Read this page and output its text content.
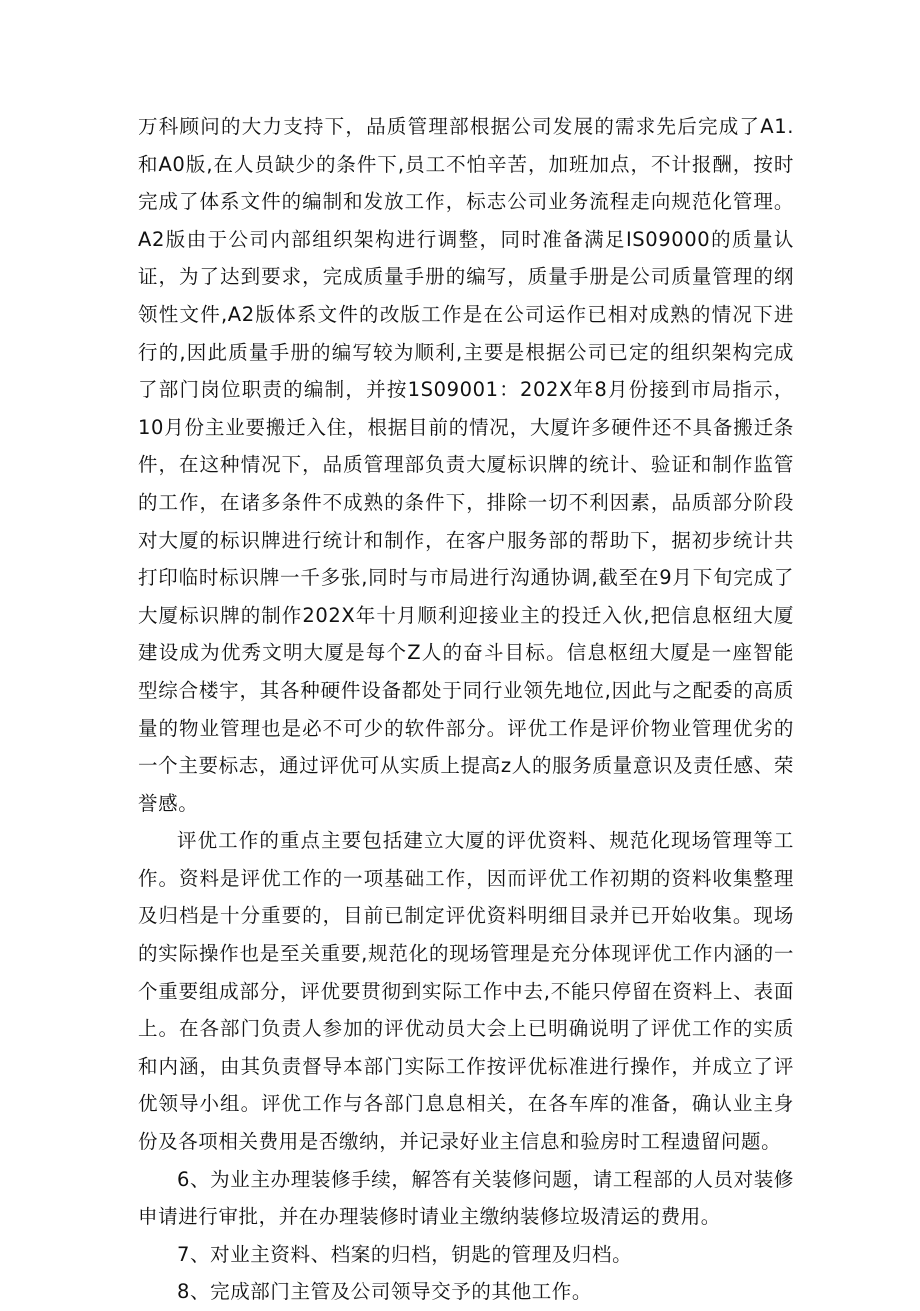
万科顾问的大力支持下，品质管理部根据公司发展的需求先后完成了A1.和A0版,在人员缺少的条件下,员工不怕辛苦，加班加点，不计报酬，按时完成了体系文件的编制和发放工作，标志公司业务流程走向规范化管理。A2版由于公司内部组织架构进行调整，同时准备满足IS09000的质量认证，为了达到要求，完成质量手册的编写，质量手册是公司质量管理的纲领性文件,A2版体系文件的改版工作是在公司运作已相对成熟的情况下进行的,因此质量手册的编写较为顺利,主要是根据公司已定的组织架构完成了部门岗位职责的编制，并按1S09001：202X年8月份接到市局指示，10月份主业要搬迁入住，根据目前的情况，大厦许多硬件还不具备搬迁条件，在这种情况下，品质管理部负责大厦标识牌的统计、验证和制作监管的工作，在诸多条件不成熟的条件下，排除一切不利因素，品质部分阶段对大厦的标识牌进行统计和制作，在客户服务部的帮助下，据初步统计共打印临时标识牌一千多张,同时与市局进行沟通协调,截至在9月下旬完成了大厦标识牌的制作202X年十月顺利迎接业主的投迁入伙,把信息枢纽大厦建设成为优秀文明大厦是每个Z人的奋斗目标。信息枢纽大厦是一座智能型综合楼宇，其各种硬件设备都处于同行业领先地位,因此与之配委的高质量的物业管理也是必不可少的软件部分。评优工作是评价物业管理优劣的一个主要标志，通过评优可从实质上提高z人的服务质量意识及责任感、荣誉感。

评优工作的重点主要包括建立大厦的评优资料、规范化现场管理等工作。资料是评优工作的一项基础工作，因而评优工作初期的资料收集整理及归档是十分重要的，目前已制定评优资料明细目录并已开始收集。现场的实际操作也是至关重要,规范化的现场管理是充分体现评优工作内涵的一个重要组成部分，评优要贯彻到实际工作中去,不能只停留在资料上、表面上。在各部门负责人参加的评优动员大会上已明确说明了评优工作的实质和内涵，由其负责督导本部门实际工作按评优标准进行操作，并成立了评优领导小组。评优工作与各部门息息相关，在各车库的准备，确认业主身份及各项相关费用是否缴纳，并记录好业主信息和验房时工程遗留问题。

6、为业主办理装修手续，解答有关装修问题，请工程部的人员对装修申请进行审批，并在办理装修时请业主缴纳装修垃圾清运的费用。

7、对业主资料、档案的归档，钥匙的管理及归档。

8、完成部门主管及公司领导交予的其他工作。
